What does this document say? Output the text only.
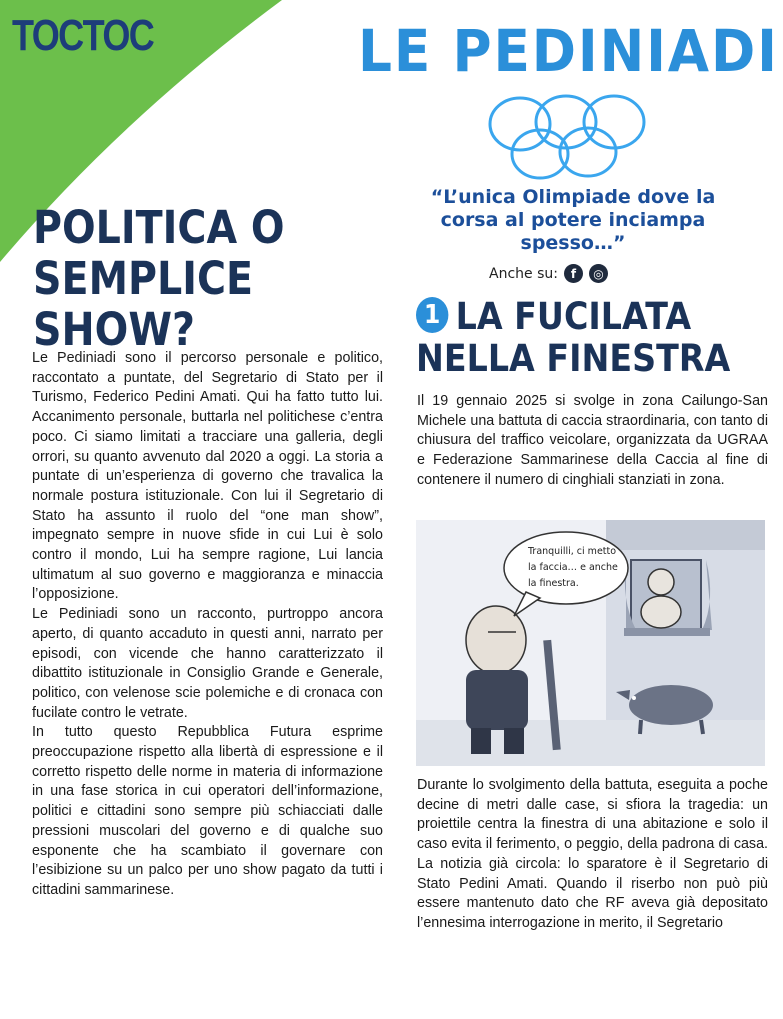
TOCTOC	LE PEDINIADI
“L’unica Olimpiade dove la corsa al potere inciampa spesso…”
Anche su:	f	◎
POLITICA O
SEMPLICE
SHOW?

Le Pediniadi sono il percorso personale e politico, raccontato a puntate, del Segretario di Stato per il Turismo, Federico Pedini Amati. Qui ha fatto tutto lui. Accanimento personale, buttarla nel politichese c’entra poco. Ci siamo limitati a tracciare una galleria, degli orrori, su quanto avvenuto dal 2020 a oggi. La storia a puntate di un’esperienza di governo che travalica la normale postura istituzionale. Con lui il Segretario di Stato ha assunto il ruolo del “one man show”, impegnato sempre in nuove sfide in cui Lui è solo contro il mondo, Lui ha sempre ragione, Lui lancia ultimatum al suo governo e maggioranza e minaccia l’opposizione.

Le Pediniadi sono un racconto, purtroppo ancora aperto, di quanto accaduto in questi anni, narrato per episodi, con vicende che hanno caratterizzato il dibattito istituzionale in Consiglio Grande e Generale, politico, con velenose scie polemiche e di cronaca con fucilate contro le vetrate.

In tutto questo Repubblica Futura esprime preoccupazione rispetto alla libertà di espressione e il corretto rispetto delle norme in materia di informazione in una fase storica in cui operatori dell’informazione, politici e cittadini sono sempre più schiacciati dalle pressioni muscolari del governo e di qualche suo esponente che ha scambiato il governare con l’esibizione su un palco per uno show pagato da tutti i cittadini sammarinese.

1 LA FUCILATA
NELLA FINESTRA

Il 19 gennaio 2025 si svolge in zona Cailungo-San Michele una battuta di caccia straordinaria, con tanto di chiusura del traffico veicolare, organizzata da UGRAA e Federazione Sammarinese della Caccia al fine di contenere il numero di cinghiali stanziati in zona.

Tranquilli, ci metto
la faccia… e anche
la finestra.

Durante lo svolgimento della battuta, eseguita a poche decine di metri dalle case, si sfiora la tragedia: un proiettile centra la finestra di una abitazione e solo il caso evita il ferimento, o peggio, della padrona di casa. La notizia già circola: lo sparatore è il Segretario di Stato Pedini Amati. Quando il riserbo non può più essere mantenuto dato che RF aveva già depositato l’ennesima interrogazione in merito, il Segretario
